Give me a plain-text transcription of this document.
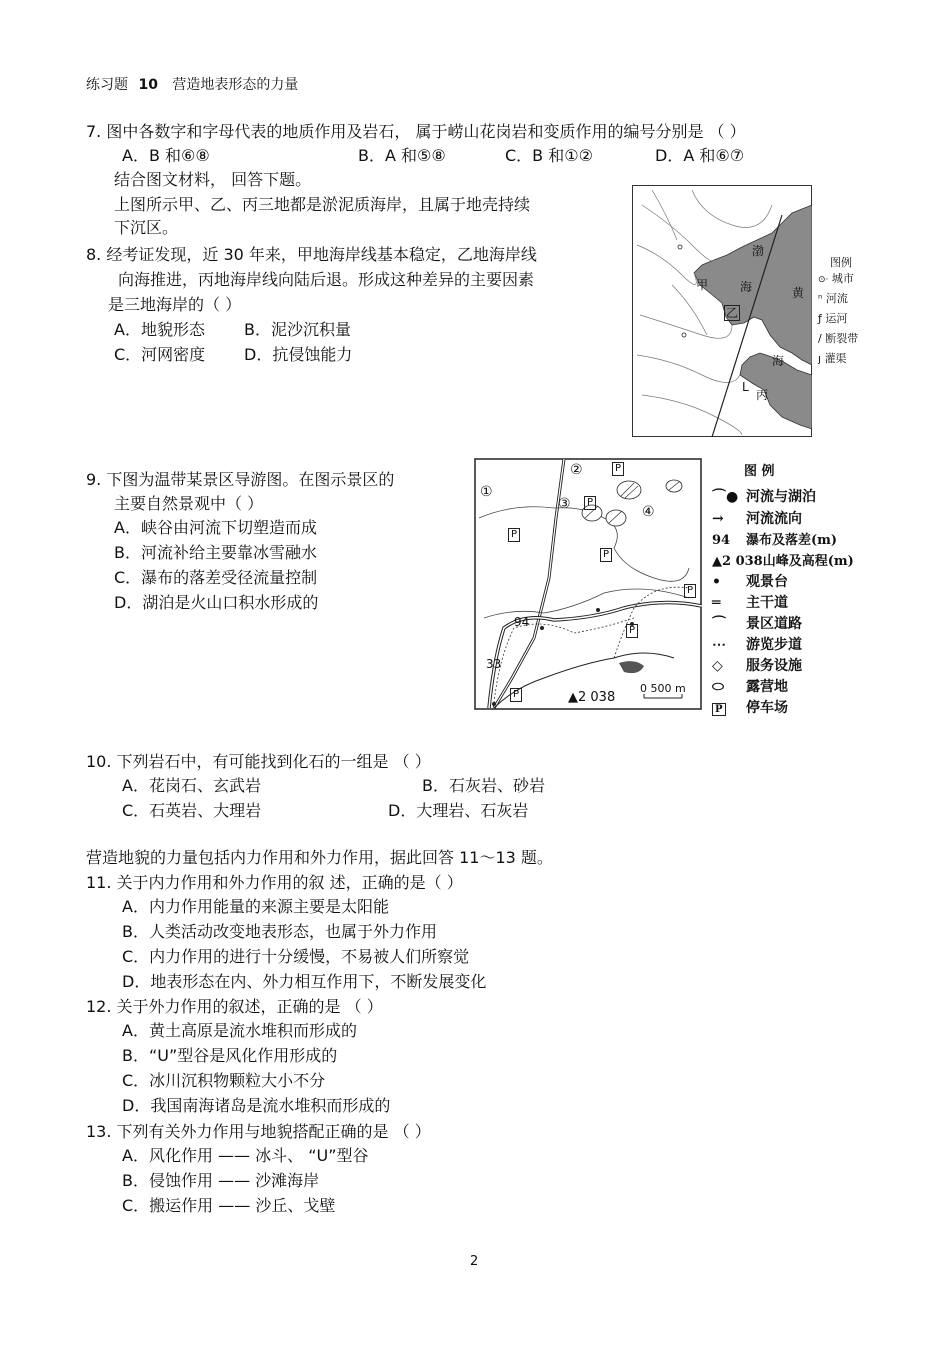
练习题 10 营造地表形态的力量
7. 图中各数字和字母代表的地质作用及岩石， 属于崂山花岗岩和变质作用的编号分别是 （ ）
A．B 和⑥⑧	B．A 和⑤⑧	C．B 和①②	D．A 和⑥⑦
结合图文材料， 回答下题。
上图所示甲、乙、丙三地都是淤泥质海岸，且属于地壳持续
下沉区。
8. 经考证发现，近 30 年来，甲地海岸线基本稳定，乙地海岸线
向海推进，丙地海岸线向陆后退。形成这种差异的主要因素
是三地海岸的（ ）
A．地貌形态 B．泥沙沉积量
C．河网密度 D．抗侵蚀能力
渤
海	黄
海
甲
乙
L
丙
图例
⊙· 城市
ⁿ 河流
ƒ 运河
/ 断裂带
ȷ 灌渠
9. 下图为温带某景区导游图。在图示景区的
主要自然景观中（ ）
A．峡谷由河流下切塑造而成
B．河流补给主要靠冰雪融水
C．瀑布的落差受径流量控制
D．湖泊是火山口积水形成的
①
②
③	④
P
P
P
P
P
P
P
94
33
▲2 038
0 500 m
图 例
⌒● 河流与湖泊
→ 河流流向
94 瀑布及落差(m)
▲2 038山峰及高程(m)
• 观景台
═ 主干道
⌒ 景区道路
⋯ 游览步道
◇ 服务设施
⬭ 露营地
P 停车场
10. 下列岩石中，有可能找到化石的一组是 （ ）
A．花岗石、玄武岩	B．石灰岩、砂岩
C．石英岩、大理岩	D．大理岩、石灰岩
营造地貌的力量包括内力作用和外力作用，据此回答 11～13 题。
11. 关于内力作用和外力作用的叙 述，正确的是（ ）
A．内力作用能量的来源主要是太阳能
B．人类活动改变地表形态，也属于外力作用
C．内力作用的进行十分缓慢，不易被人们所察觉
D．地表形态在内、外力相互作用下，不断发展变化
12. 关于外力作用的叙述，正确的是 （ ）
A．黄土高原是流水堆积而形成的
B．“U”型谷是风化作用形成的
C．冰川沉积物颗粒大小不分
D．我国南海诸岛是流水堆积而形成的
13. 下列有关外力作用与地貌搭配正确的是 （ ）
A．风化作用 —— 冰斗、 “U”型谷
B．侵蚀作用 —— 沙滩海岸
C．搬运作用 —— 沙丘、戈壁
2
